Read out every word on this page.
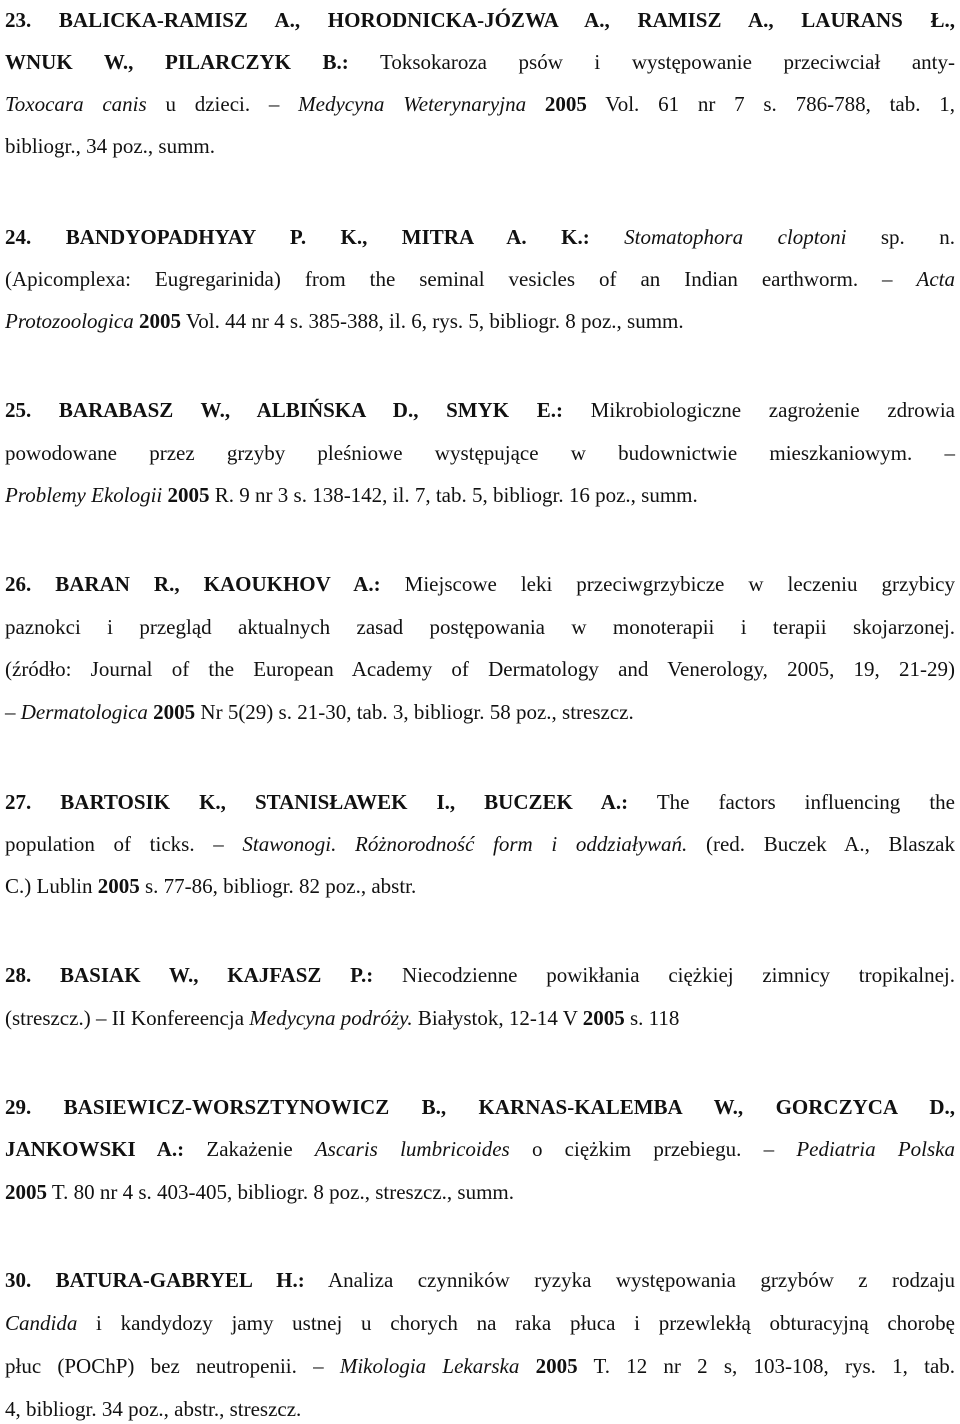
23. BALICKA-RAMISZ A., HORODNICKA-JÓZWA A., RAMISZ A., LAURANS Ł.,
WNUK W., PILARCZYK B.: Toksokaroza psów i występowanie przeciwciał anty-
Toxocara canis u dzieci. – Medycyna Weterynaryjna 2005 Vol. 61 nr 7 s. 786-788, tab. 1,
bibliogr., 34 poz., summ.
24. BANDYOPADHYAY P. K., MITRA A. K.: Stomatophora cloptoni sp. n.
(Apicomplexa: Eugregarinida) from the seminal vesicles of an Indian earthworm. – Acta
Protozoologica 2005 Vol. 44 nr 4 s. 385-388, il. 6, rys. 5, bibliogr. 8 poz., summ.
25. BARABASZ W., ALBIŃSKA D., SMYK E.: Mikrobiologiczne zagrożenie zdrowia
powodowane przez grzyby pleśniowe występujące w budownictwie mieszkaniowym. –
Problemy Ekologii 2005 R. 9 nr 3 s. 138-142, il. 7, tab. 5, bibliogr. 16 poz., summ.
26. BARAN R., KAOUKHOV A.: Miejscowe leki przeciwgrzybicze w leczeniu grzybicy
paznokci i przegląd aktualnych zasad postępowania w monoterapii i terapii skojarzonej.
(źródło: Journal of the European Academy of Dermatology and Venerology, 2005, 19, 21-29)
– Dermatologica 2005 Nr 5(29) s. 21-30, tab. 3, bibliogr. 58 poz., streszcz.
27. BARTOSIK K., STANISŁAWEK I., BUCZEK A.: The factors influencing the
population of ticks. – Stawonogi. Różnorodność form i oddziaływań. (red. Buczek A., Blaszak
C.) Lublin 2005 s. 77-86, bibliogr. 82 poz., abstr.
28. BASIAK W., KAJFASZ P.: Niecodzienne powikłania ciężkiej zimnicy tropikalnej.
(streszcz.) – II Konfereencja Medycyna podróży. Białystok, 12-14 V 2005 s. 118
29. BASIEWICZ-WORSZTYNOWICZ B., KARNAS-KALEMBA W., GORCZYCA D.,
JANKOWSKI A.: Zakażenie Ascaris lumbricoides o ciężkim przebiegu. – Pediatria Polska
2005 T. 80 nr 4 s. 403-405, bibliogr. 8 poz., streszcz., summ.
30. BATURA-GABRYEL H.: Analiza czynników ryzyka występowania grzybów z rodzaju
Candida i kandydozy jamy ustnej u chorych na raka płuca i przewlekłą obturacyjną chorobę
płuc (POChP) bez neutropenii. – Mikologia Lekarska 2005 T. 12 nr 2 s, 103-108, rys. 1, tab.
4, bibliogr. 34 poz., abstr., streszcz.
